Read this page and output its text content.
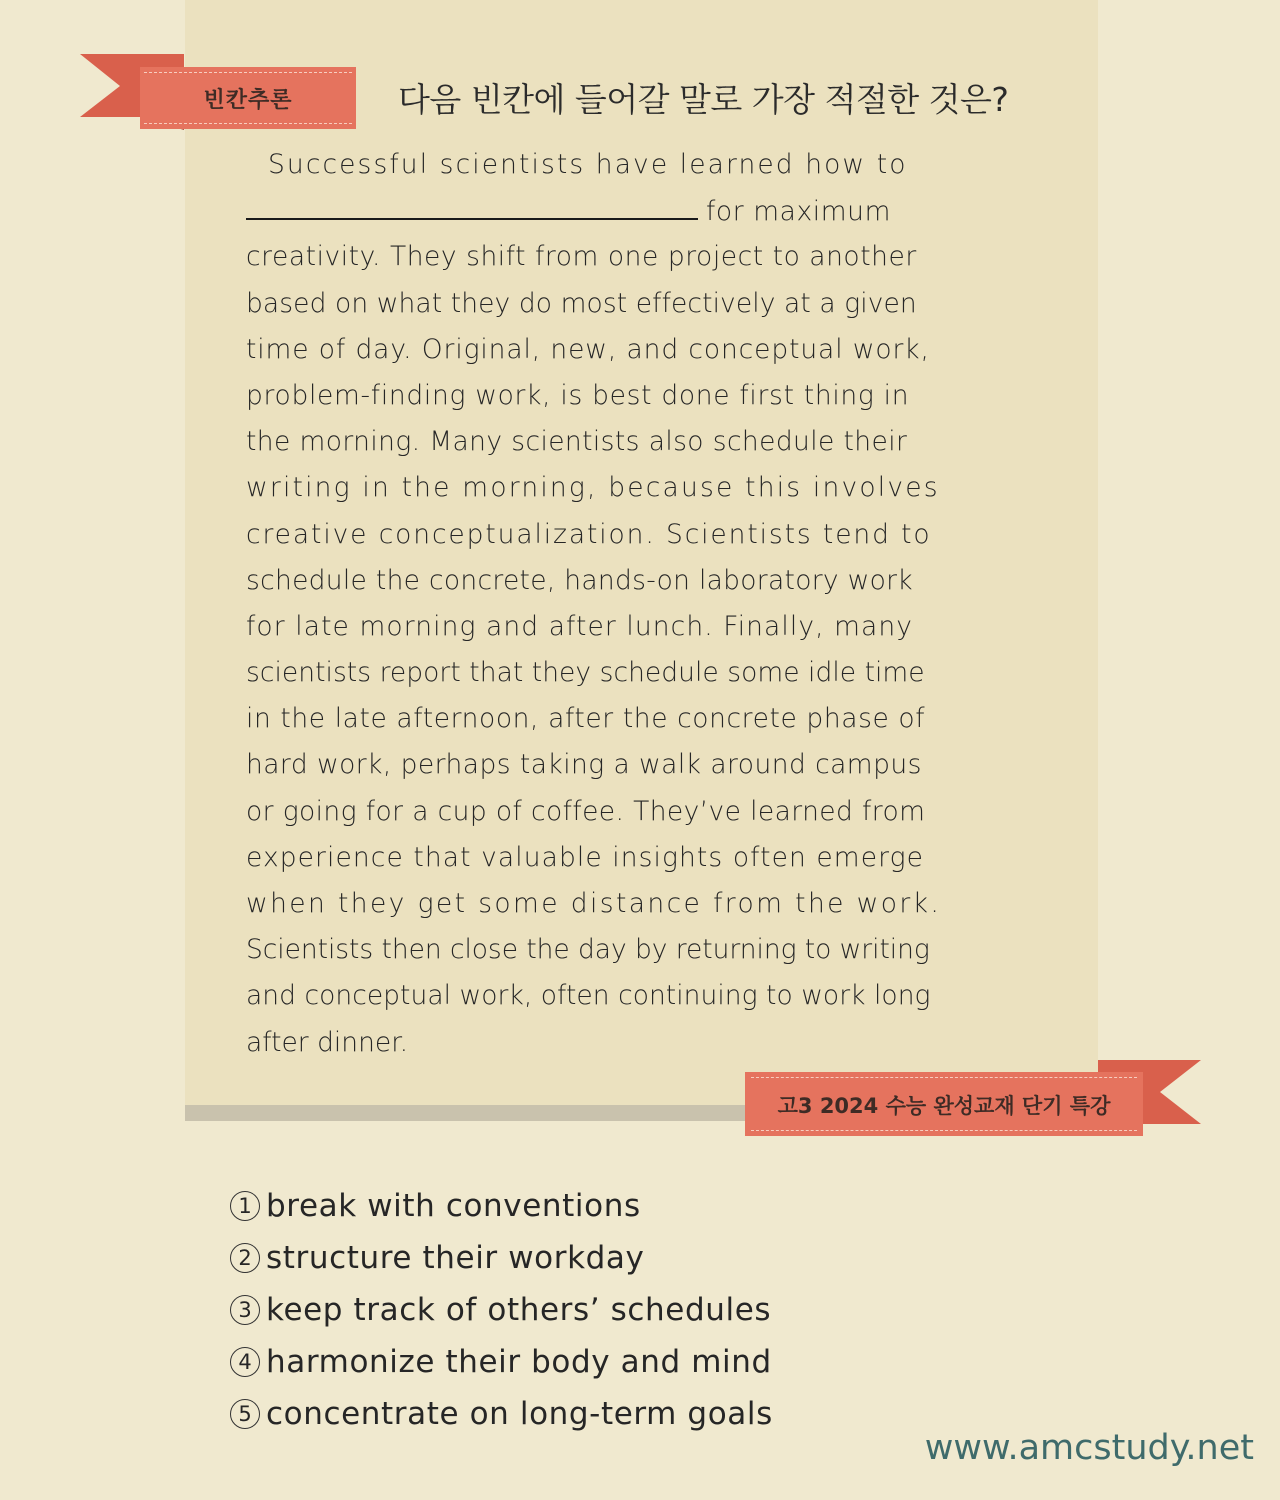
빈칸추론	다음 빈칸에 들어갈 말로 가장 적절한 것은?
Successful scientists have learned how to
for maximum
creativity. They shift from one project to another
based on what they do most effectively at a given
time of day. Original, new, and conceptual work,
problem-finding work, is best done first thing in
the morning. Many scientists also schedule their
writing in the morning, because this involves
creative conceptualization. Scientists tend to
schedule the concrete, hands-on laboratory work
for late morning and after lunch. Finally, many
scientists report that they schedule some idle time
in the late afternoon, after the concrete phase of
hard work, perhaps taking a walk around campus
or going for a cup of coffee. They’ve learned from
experience that valuable insights often emerge
when they get some distance from the work.
Scientists then close the day by returning to writing
and conceptual work, often continuing to work long
after dinner.
고3 2024 수능 완성교재 단기 특강
1 break with conventions
2 structure their workday
3 keep track of others’ schedules
4 harmonize their body and mind
5 concentrate on long-term goals
www.amcstudy.net
